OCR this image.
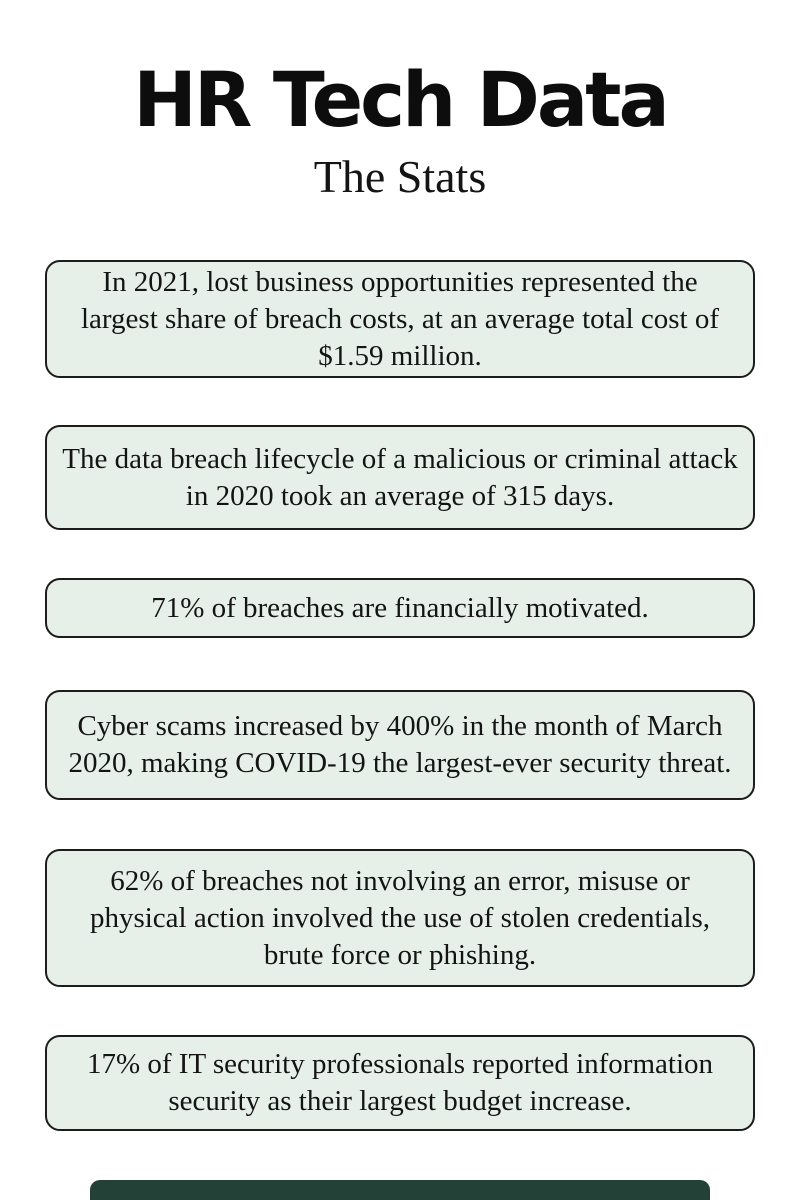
HR Tech Data
The Stats
In 2021, lost business opportunities represented the largest share of breach costs, at an average total cost of $1.59 million.
The data breach lifecycle of a malicious or criminal attack in 2020 took an average of 315 days.
71% of breaches are financially motivated.
Cyber scams increased by 400% in the month of March 2020, making COVID-19 the largest-ever security threat.
62% of breaches not involving an error, misuse or physical action involved the use of stolen credentials, brute force or phishing.
17% of IT security professionals reported information security as their largest budget increase.
